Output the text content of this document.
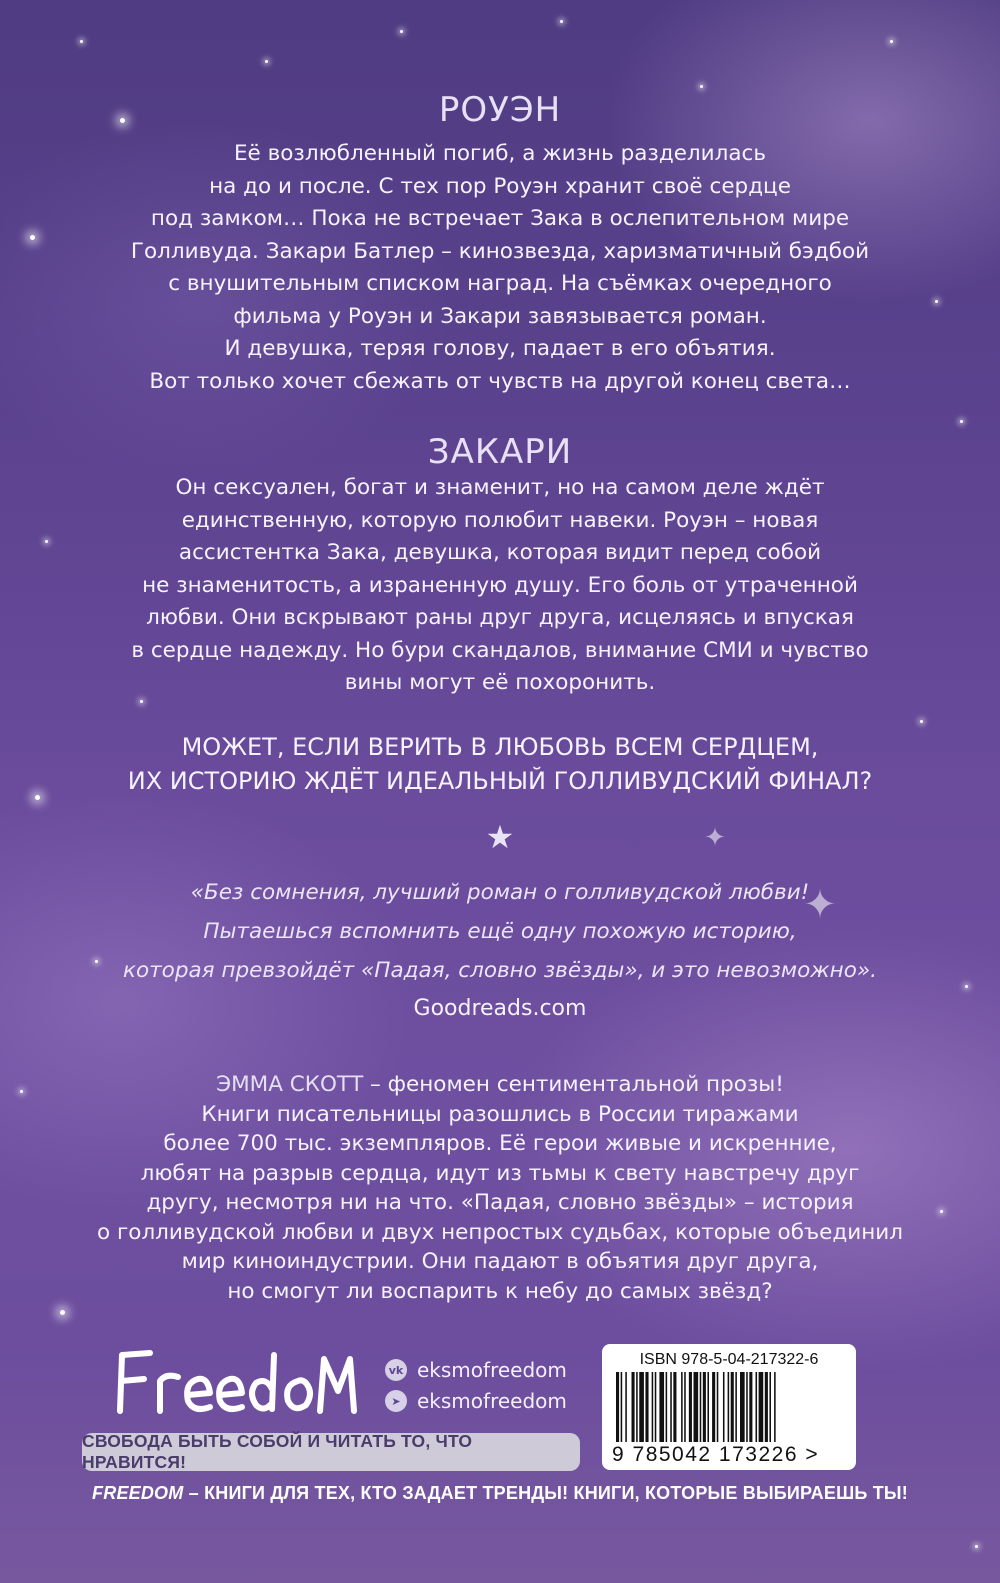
✦
✦
РОУЭН
Её возлюбленный погиб, а жизнь разделилась
на до и после. С тех пор Роуэн хранит своё сердце
под замком… Пока не встречает Зака в ослепительном мире
Голливуда. Закари Батлер – кинозвезда, харизматичный бэдбой
с внушительным списком наград. На съёмках очередного
фильма у Роуэн и Закари завязывается роман.
И девушка, теряя голову, падает в его объятия.
Вот только хочет сбежать от чувств на другой конец света…
ЗАКАРИ
Он сексуален, богат и знаменит, но на самом деле ждёт
единственную, которую полюбит навеки. Роуэн – новая
ассистентка Зака, девушка, которая видит перед собой
не знаменитость, а израненную душу. Его боль от утраченной
любви. Они вскрывают раны друг друга, исцеляясь и впуская
в сердце надежду. Но бури скандалов, внимание СМИ и чувство
вины могут её похоронить.
МОЖЕТ, ЕСЛИ ВЕРИТЬ В ЛЮБОВЬ ВСЕМ СЕРДЦЕМ,
ИХ ИСТОРИЮ ЖДЁТ ИДЕАЛЬНЫЙ ГОЛЛИВУДСКИЙ ФИНАЛ?
★
«Без сомнения, лучший роман о голливудской любви!
Пытаешься вспомнить ещё одну похожую историю,
которая превзойдёт «Падая, словно звёзды», и это невозможно».
Goodreads.com
ЭММА СКОТТ – феномен сентиментальной прозы!
Книги писательницы разошлись в России тиражами
более 700 тыс. экземпляров. Её герои живые и искренние,
любят на разрыв сердца, идут из тьмы к свету навстречу друг
другу, несмотря ни на что. «Падая, словно звёзды» – история
о голливудской любви и двух непростых судьбах, которые объединил
мир киноиндустрии. Они падают в объятия друг друга,
но смогут ли воспарить к небу до самых звёзд?
vk eksmofreedom
➤ eksmofreedom
СВОБОДА БЫТЬ СОБОЙ И ЧИТАТЬ ТО, ЧТО НРАВИТСЯ!
FREEDOM – КНИГИ ДЛЯ ТЕХ, КТО ЗАДАЕТ ТРЕНДЫ! КНИГИ, КОТОРЫЕ ВЫБИРАЕШЬ ТЫ!
ISBN 978-5-04-217322-6
9 785042 173226 >
